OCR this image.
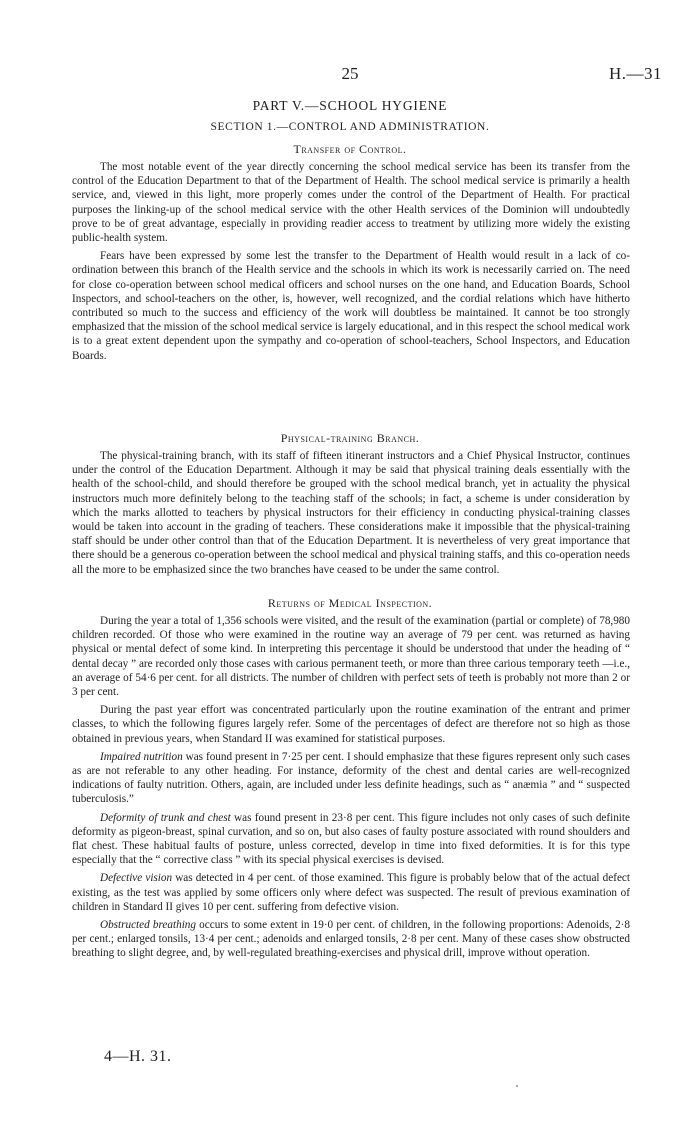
25	H.—31
PART V.—SCHOOL HYGIENE
SECTION 1.—CONTROL AND ADMINISTRATION.
Transfer of Control.

The most notable event of the year directly concerning the school medical service has been its transfer from the control of the Education Department to that of the Department of Health. The school medical service is primarily a health service, and, viewed in this light, more properly comes under the control of the Department of Health. For practical purposes the linking-up of the school medical service with the other Health services of the Dominion will undoubtedly prove to be of great advantage, especially in providing readier access to treatment by utilizing more widely the existing public-health system.

Fears have been expressed by some lest the transfer to the Department of Health would result in a lack of co-ordination between this branch of the Health service and the schools in which its work is necessarily carried on. The need for close co-operation between school medical officers and school nurses on the one hand, and Education Boards, School Inspectors, and school-teachers on the other, is, however, well recognized, and the cordial relations which have hitherto contributed so much to the success and efficiency of the work will doubtless be maintained. It cannot be too strongly emphasized that the mission of the school medical service is largely educational, and in this respect the school medical work is to a great extent dependent upon the sympathy and co-operation of school-teachers, School Inspectors, and Education Boards.

Physical-training Branch.

The physical-training branch, with its staff of fifteen itinerant instructors and a Chief Physical Instructor, continues under the control of the Education Department. Although it may be said that physical training deals essentially with the health of the school-child, and should therefore be grouped with the school medical branch, yet in actuality the physical instructors much more definitely belong to the teaching staff of the schools; in fact, a scheme is under consideration by which the marks allotted to teachers by physical instructors for their efficiency in conducting physical-training classes would be taken into account in the grading of teachers. These considerations make it impossible that the physical-training staff should be under other control than that of the Education Department. It is nevertheless of very great importance that there should be a generous co-operation between the school medical and physical training staffs, and this co-operation needs all the more to be emphasized since the two branches have ceased to be under the same control.

Returns of Medical Inspection.

During the year a total of 1,356 schools were visited, and the result of the examination (partial or complete) of 78,980 children recorded. Of those who were examined in the routine way an average of 79 per cent. was returned as having physical or mental defect of some kind. In interpreting this percentage it should be understood that under the heading of “ dental decay ” are recorded only those cases with carious permanent teeth, or more than three carious temporary teeth —i.e., an average of 54·6 per cent. for all districts. The number of children with perfect sets of teeth is probably not more than 2 or 3 per cent.

During the past year effort was concentrated particularly upon the routine examination of the entrant and primer classes, to which the following figures largely refer. Some of the percentages of defect are therefore not so high as those obtained in previous years, when Standard II was examined for statistical purposes.

Impaired nutrition was found present in 7·25 per cent. I should emphasize that these figures represent only such cases as are not referable to any other heading. For instance, deformity of the chest and dental caries are well-recognized indications of faulty nutrition. Others, again, are included under less definite headings, such as “ anæmia ” and “ suspected tuberculosis.”

Deformity of trunk and chest was found present in 23·8 per cent. This figure includes not only cases of such definite deformity as pigeon-breast, spinal curvation, and so on, but also cases of faulty posture associated with round shoulders and flat chest. These habitual faults of posture, unless corrected, develop in time into fixed deformities. It is for this type especially that the “ corrective class ” with its special physical exercises is devised.

Defective vision was detected in 4 per cent. of those examined. This figure is probably below that of the actual defect existing, as the test was applied by some officers only where defect was suspected. The result of previous examination of children in Standard II gives 10 per cent. suffering from defective vision.

Obstructed breathing occurs to some extent in 19·0 per cent. of children, in the following proportions: Adenoids, 2·8 per cent.; enlarged tonsils, 13·4 per cent.; adenoids and enlarged tonsils, 2·8 per cent. Many of these cases show obstructed breathing to slight degree, and, by well-regulated breathing-exercises and physical drill, improve without operation.

4—H. 31.
